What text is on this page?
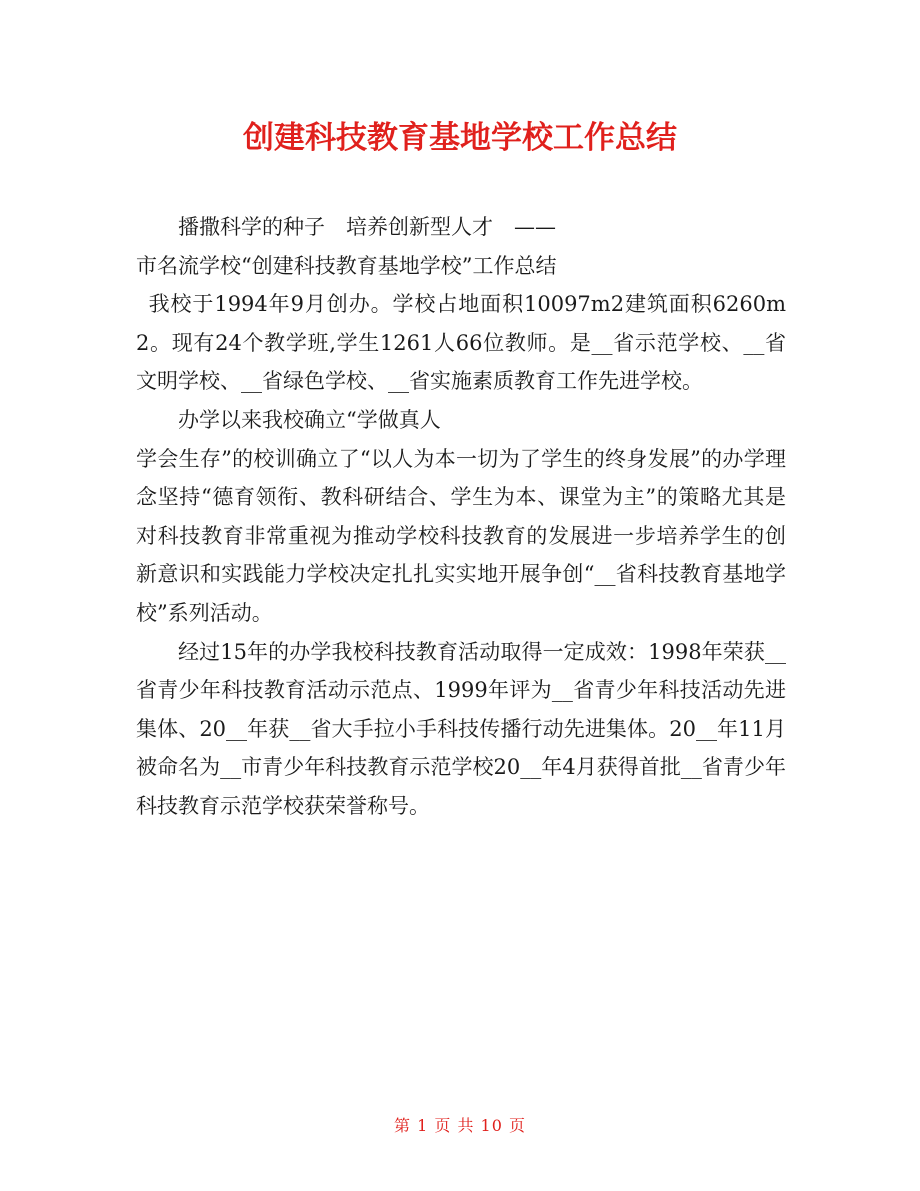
创建科技教育基地学校工作总结

播撒科学的种子　培养创新型人才　——

市名流学校“创建科技教育基地学校”工作总结

我校于1994年9月创办。学校占地面积10097m2建筑面积6260m2。现有24个教学班,学生1261人66位教师。是__省示范学校、__省文明学校、__省绿色学校、__省实施素质教育工作先进学校。

办学以来我校确立“学做真人

学会生存”的校训确立了“以人为本一切为了学生的终身发展”的办学理念坚持“德育领衔、教科研结合、学生为本、课堂为主”的策略尤其是对科技教育非常重视为推动学校科技教育的发展进一步培养学生的创新意识和实践能力学校决定扎扎实实地开展争创“__省科技教育基地学校”系列活动。

经过15年的办学我校科技教育活动取得一定成效：1998年荣获__省青少年科技教育活动示范点、1999年评为__省青少年科技活动先进集体、20__年获__省大手拉小手科技传播行动先进集体。20__年11月被命名为__市青少年科技教育示范学校20__年4月获得首批__省青少年科技教育示范学校获荣誉称号。

第 1 页 共 10 页
